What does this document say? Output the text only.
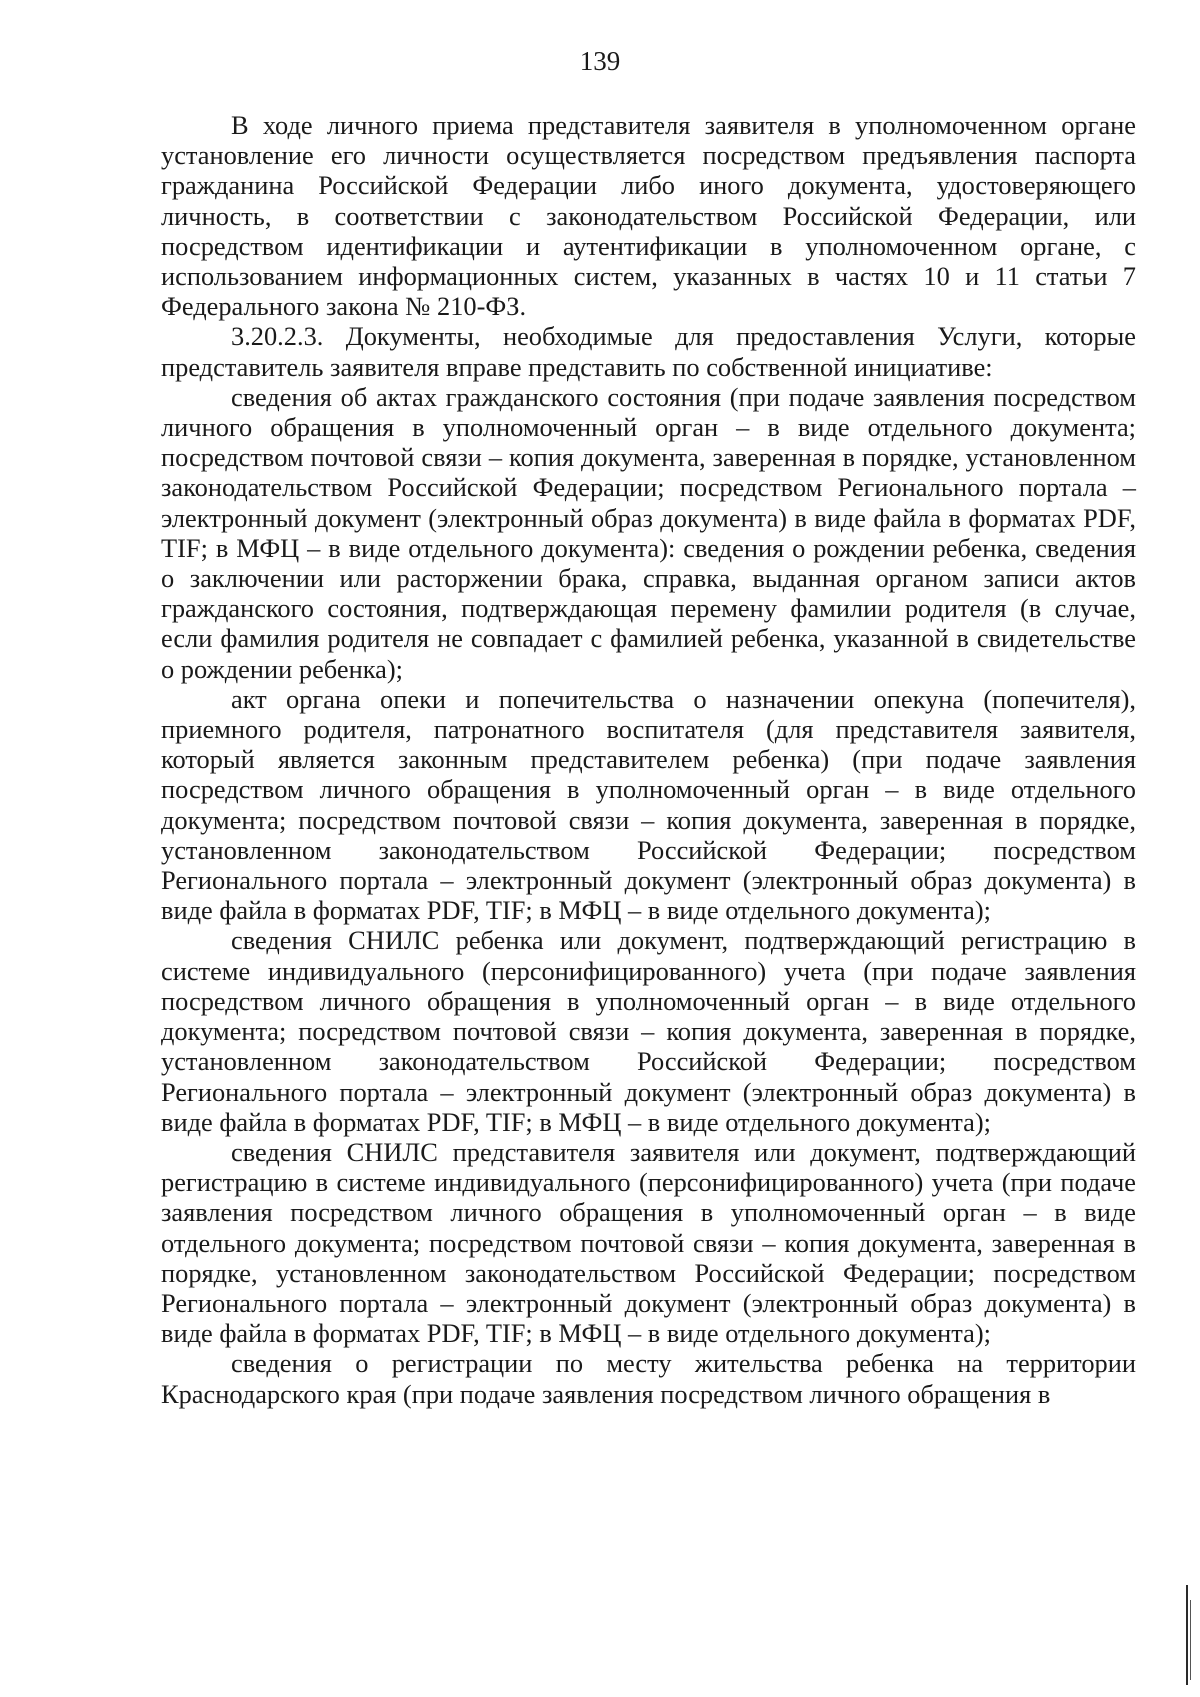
139

В ходе личного приема представителя заявителя в уполномоченном органе установление его личности осуществляется посредством предъявления паспорта гражданина Российской Федерации либо иного документа, удостоверяющего личность, в соответствии с законодательством Российской Федерации, или посредством идентификации и аутентификации в уполномоченном органе, с использованием информационных систем, указанных в частях 10 и 11 статьи 7 Федерального закона № 210-ФЗ.

3.20.2.3. Документы, необходимые для предоставления Услуги, которые представитель заявителя вправе представить по собственной инициативе:

сведения об актах гражданского состояния (при подаче заявления посредством личного обращения в уполномоченный орган – в виде отдельного документа; посредством почтовой связи – копия документа, заверенная в порядке, установленном законодательством Российской Федерации; посредством Регионального портала – электронный документ (электронный образ документа) в виде файла в форматах PDF, TIF; в МФЦ – в виде отдельного документа): сведения о рождении ребенка, сведения о заключении или расторжении брака, справка, выданная органом записи актов гражданского состояния, подтверждающая перемену фамилии родителя (в случае, если фамилия родителя не совпадает с фамилией ребенка, указанной в свидетельстве о рождении ребенка);

акт органа опеки и попечительства о назначении опекуна (попечителя), приемного родителя, патронатного воспитателя (для представителя заявителя, который является законным представителем ребенка) (при подаче заявления посредством личного обращения в уполномоченный орган – в виде отдельного документа; посредством почтовой связи – копия документа, заверенная в порядке, установленном законодательством Российской Федерации; посредством Регионального портала – электронный документ (электронный образ документа) в виде файла в форматах PDF, TIF; в МФЦ – в виде отдельного документа);

сведения СНИЛС ребенка или документ, подтверждающий регистрацию в системе индивидуального (персонифицированного) учета (при подаче заявления посредством личного обращения в уполномоченный орган – в виде отдельного документа; посредством почтовой связи – копия документа, заверенная в порядке, установленном законодательством Российской Федерации; посредством Регионального портала – электронный документ (электронный образ документа) в виде файла в форматах PDF, TIF; в МФЦ – в виде отдельного документа);

сведения СНИЛС представителя заявителя или документ, подтверждающий регистрацию в системе индивидуального (персонифицированного) учета (при подаче заявления посредством личного обращения в уполномоченный орган – в виде отдельного документа; посредством почтовой связи – копия документа, заверенная в порядке, установленном законодательством Российской Федерации; посредством Регионального портала – электронный документ (электронный образ документа) в виде файла в форматах PDF, TIF; в МФЦ – в виде отдельного документа);

сведения о регистрации по месту жительства ребенка на территории Краснодарского края (при подаче заявления посредством личного обращения в
